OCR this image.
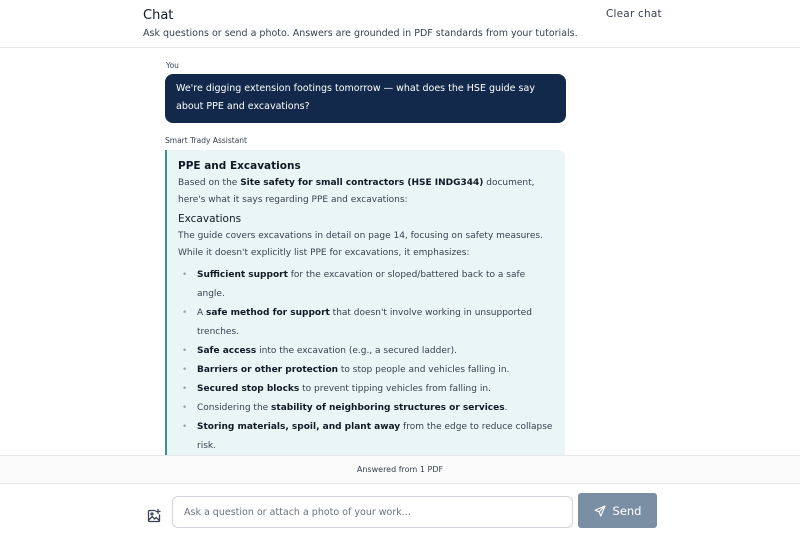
Chat
Ask questions or send a photo. Answers are grounded in PDF standards from your tutorials.
Clear chat
You
We're digging extension footings tomorrow — what does the HSE guide say about PPE and excavations?
Smart Trady Assistant
PPE and Excavations

Based on the Site safety for small contractors (HSE INDG344) document, here's what it says regarding PPE and excavations:

Excavations

The guide covers excavations in detail on page 14, focusing on safety measures. While it doesn't explicitly list PPE for excavations, it emphasizes:

• Sufficient support for the excavation or sloped/battered back to a safe angle.
• A safe method for support that doesn't involve working in unsupported trenches.
• Safe access into the excavation (e.g., a secured ladder).
• Barriers or other protection to stop people and vehicles falling in.
• Secured stop blocks to prevent tipping vehicles from falling in.
• Considering the stability of neighboring structures or services.
• Storing materials, spoil, and plant away from the edge to reduce collapse risk.

Answered from 1 PDF
Ask a question or attach a photo of your work...
Send
